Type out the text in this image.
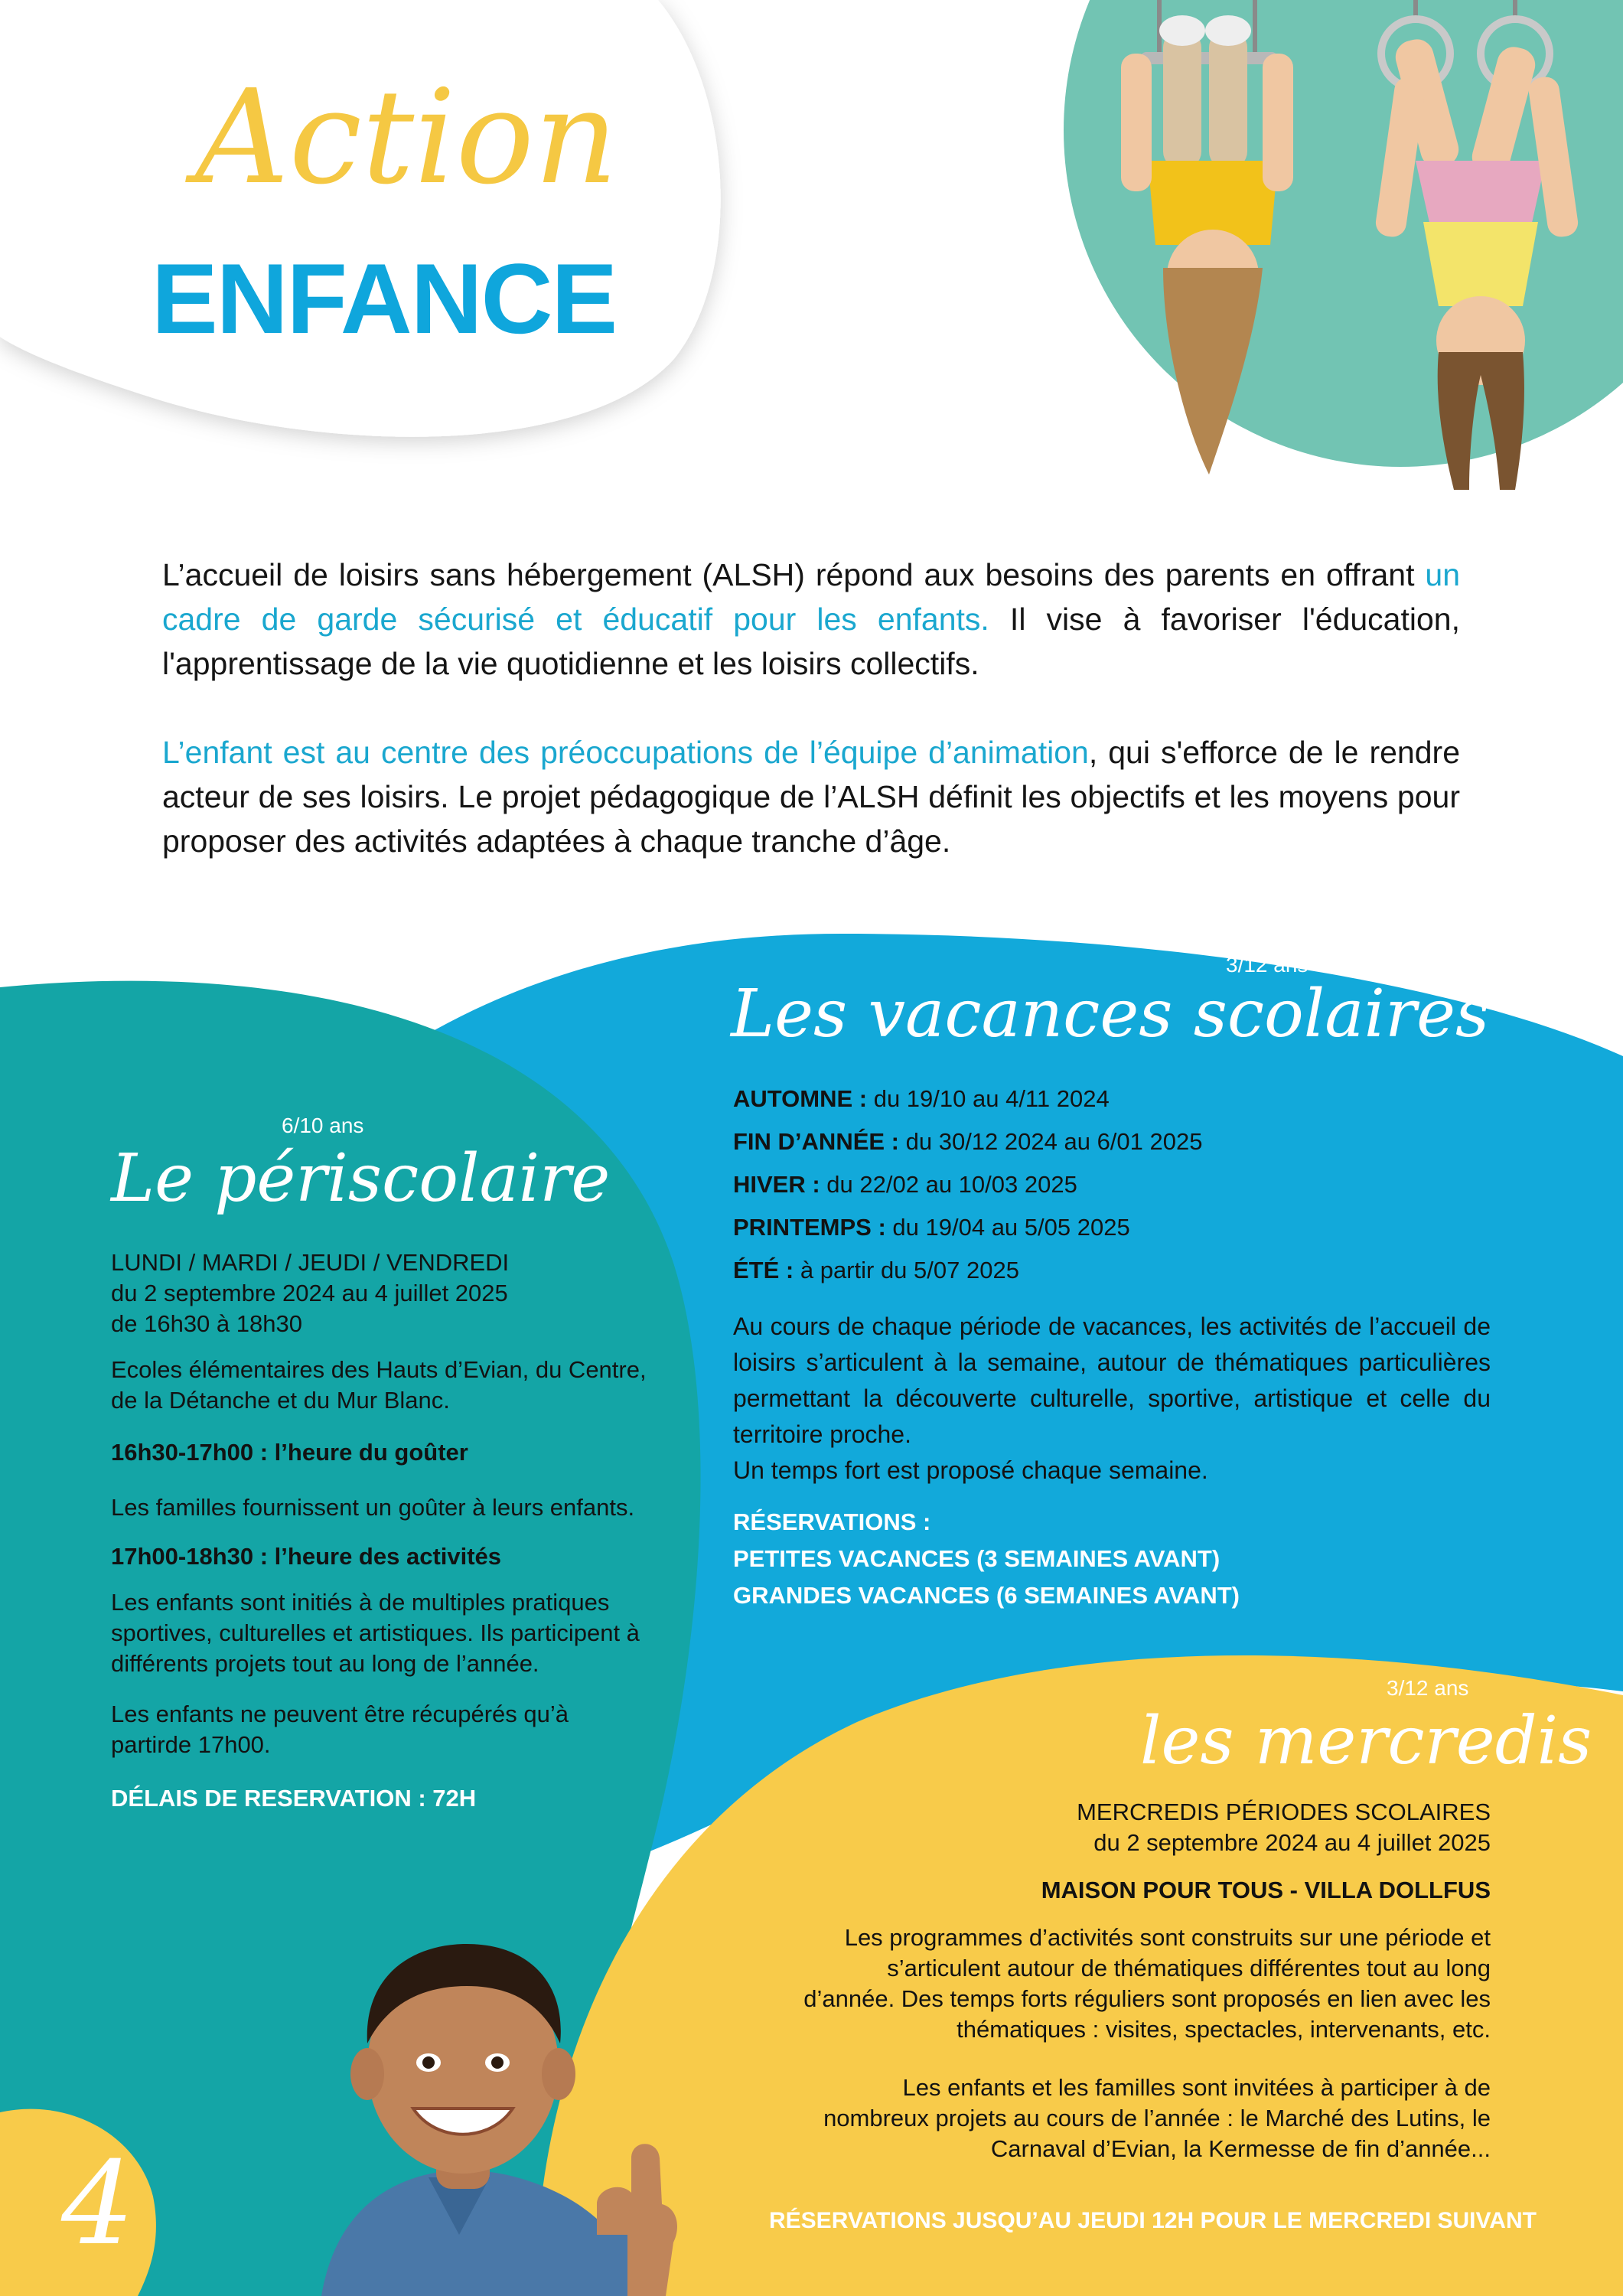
Action
ENFANCE

L’accueil de loisirs sans hébergement (ALSH) répond aux besoins des parents en offrant un cadre de garde sécurisé et éducatif pour les enfants. Il vise à favoriser l'éducation, l'apprentissage de la vie quotidienne et les loisirs collectifs.

L’enfant est au centre des préoccupations de l’équipe d’animation, qui s'efforce de le rendre acteur de ses loisirs. Le projet pédagogique de l’ALSH définit les objectifs et les moyens pour proposer des activités adaptées à chaque tranche d’âge.

3/12 ans
Les vacances scolaires
AUTOMNE : du 19/10 au 4/11 2024
FIN D’ANNÉE : du 30/12 2024 au 6/01 2025
HIVER : du 22/02 au 10/03 2025
PRINTEMPS : du 19/04 au 5/05 2025
ÉTÉ : à partir du 5/07 2025

Au cours de chaque période de vacances, les activités de l’accueil de loisirs s’articulent à la semaine, autour de thématiques particulières permettant la découverte culturelle, sportive, artistique et celle du territoire proche.

Un temps fort est proposé chaque semaine.

RÉSERVATIONS :
PETITES VACANCES (3 SEMAINES AVANT)
GRANDES VACANCES (6 SEMAINES AVANT)
6/10 ans
Le périscolaire

LUNDI / MARDI / JEUDI / VENDREDI

du 2 septembre 2024 au 4 juillet 2025

de 16h30 à 18h30

Ecoles élémentaires des Hauts d’Evian, du Centre, de la Détanche et du Mur Blanc.

16h30-17h00 : l’heure du goûter

Les familles fournissent un goûter à leurs enfants.

17h00-18h30 : l’heure des activités

Les enfants sont initiés à de multiples pratiques sportives, culturelles et artistiques. Ils participent à différents projets tout au long de l’année.

Les enfants ne peuvent être récupérés qu’à partirde 17h00.

DÉLAIS DE RESERVATION : 72H

3/12 ans
les mercredis

MERCREDIS PÉRIODES SCOLAIRES

du 2 septembre 2024 au 4 juillet 2025

MAISON POUR TOUS - VILLA DOLLFUS

Les programmes d’activités sont construits sur une période et s’articulent autour de thématiques différentes tout au long d’année. Des temps forts réguliers sont proposés en lien avec les thématiques : visites, spectacles, intervenants, etc.

Les enfants et les familles sont invitées à participer à de nombreux projets au cours de l’année : le Marché des Lutins, le Carnaval d’Evian, la Kermesse de fin d’année...

RÉSERVATIONS JUSQU’AU JEUDI 12H POUR LE MERCREDI SUIVANT
4
